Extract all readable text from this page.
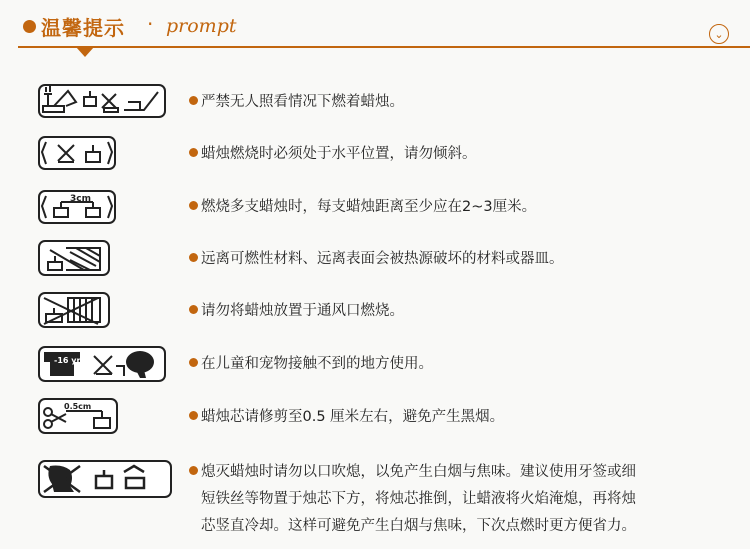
温馨提示 · prompt	⌄
严禁无人照看情况下燃着蜡烛。
蜡烛燃烧时必须处于水平位置，请勿倾斜。
3cm	燃烧多支蜡烛时，每支蜡烛距离至少应在2~3厘米。
远离可燃性材料、远离表面会被热源破坏的材料或器皿。
请勿将蜡烛放置于通风口燃烧。
-16 yrs	在儿童和宠物接触不到的地方使用。
0.5cm
蜡烛芯请修剪至0.5 厘米左右，避免产生黑烟。
熄灭蜡烛时请勿以口吹熄，以免产生白烟与焦味。建议使用牙签或细
短铁丝等物置于烛芯下方，将烛芯推倒，让蜡液将火焰淹熄，再将烛
芯竖直冷却。这样可避免产生白烟与焦味，下次点燃时更方便省力。
